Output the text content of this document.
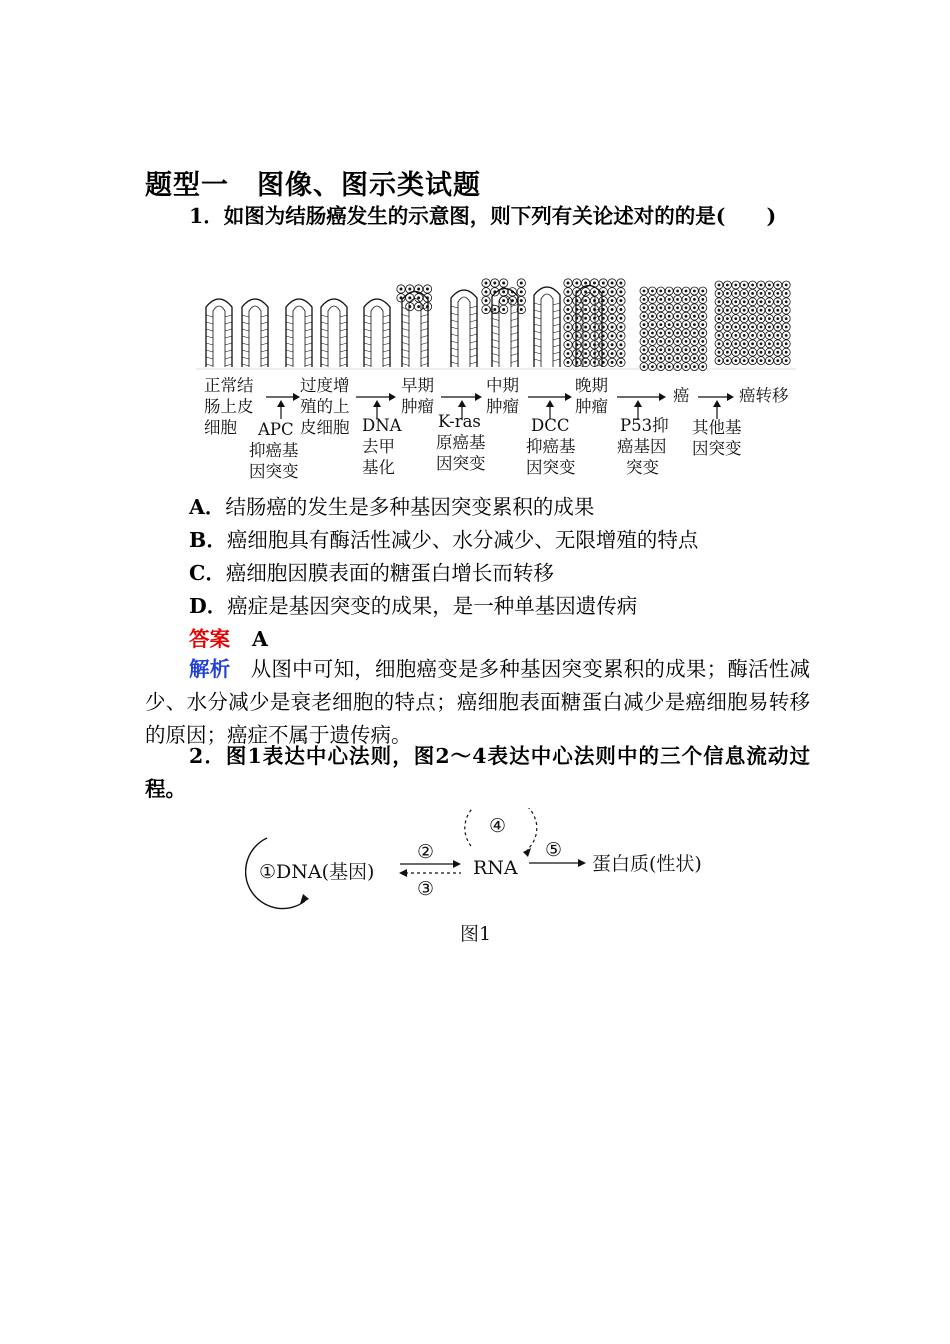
题型一　图像、图示类试题
1．如图为结肠癌发生的示意图，则下列有关论述对的的是(　　)
正常结
肠上皮
细胞
过度增
殖的上
皮细胞
早期
肿瘤
中期
肿瘤
晚期
肿瘤
癌	癌转移
APC
抑癌基
因突变
DNA
去甲
基化
K-ras
原癌基
因突变
DCC
抑癌基
因突变
P53抑
癌基因
突变
其他基
因突变
A．结肠癌的发生是多种基因突变累积的成果
B．癌细胞具有酶活性减少、水分减少、无限增殖的特点
C．癌细胞因膜表面的糖蛋白增长而转移
D．癌症是基因突变的成果，是一种单基因遗传病
答案 A
解析 从图中可知，细胞癌变是多种基因突变累积的成果；酶活性减少、水分减少是衰老细胞的特点；癌细胞表面糖蛋白减少是癌细胞易转移的原因；癌症不属于遗传病。
2．图1表达中心法则，图2～4表达中心法则中的三个信息流动过程。
①DNA(基因)
②
③
④
RNA
⑤
蛋白质(性状)
图1
